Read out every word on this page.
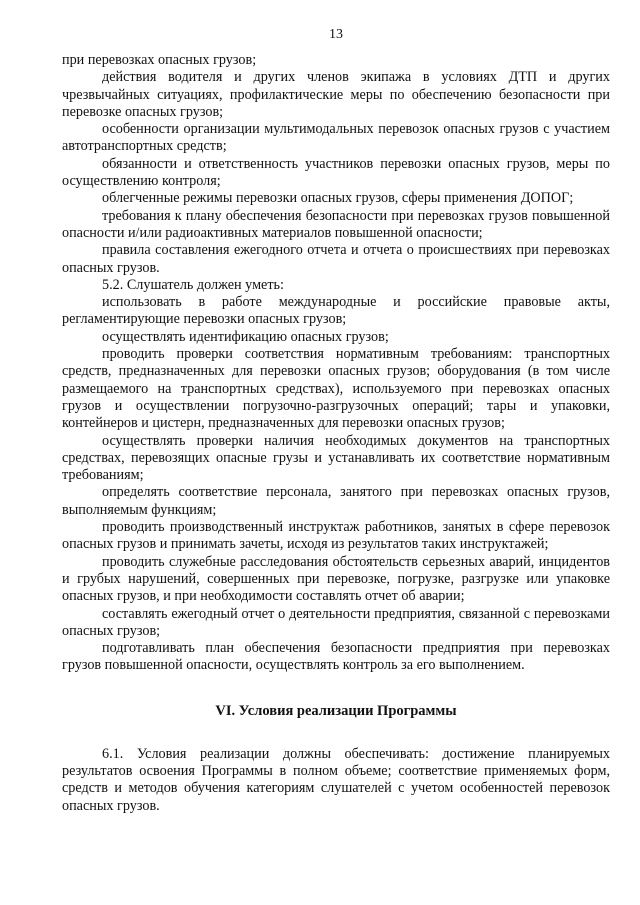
13

при перевозках опасных грузов;

действия водителя и других членов экипажа в условиях ДТП и других чрезвычайных ситуациях, профилактические меры по обеспечению безопасности при перевозке опасных грузов;

особенности организации мультимодальных перевозок опасных грузов с участием автотранспортных средств;

обязанности и ответственность участников перевозки опасных грузов, меры по осуществлению контроля;

облегченные режимы перевозки опасных грузов, сферы применения ДОПОГ;

требования к плану обеспечения безопасности при перевозках грузов повышенной опасности и/или радиоактивных материалов повышенной опасности;

правила составления ежегодного отчета и отчета о происшествиях при перевозках опасных грузов.

5.2. Слушатель должен уметь:

использовать в работе международные и российские правовые акты, регламентирующие перевозки опасных грузов;

осуществлять идентификацию опасных грузов;

проводить проверки соответствия нормативным требованиям: транспортных средств, предназначенных для перевозки опасных грузов; оборудования (в том числе размещаемого на транспортных средствах), используемого при перевозках опасных грузов и осуществлении погрузочно-разгрузочных операций; тары и упаковки, контейнеров и цистерн, предназначенных для перевозки опасных грузов;

осуществлять проверки наличия необходимых документов на транспортных средствах, перевозящих опасные грузы и устанавливать их соответствие нормативным требованиям;

определять соответствие персонала, занятого при перевозках опасных грузов, выполняемым функциям;

проводить производственный инструктаж работников, занятых в сфере перевозок опасных грузов и принимать зачеты, исходя из результатов таких инструктажей;

проводить служебные расследования обстоятельств серьезных аварий, инцидентов и грубых нарушений, совершенных при перевозке, погрузке, разгрузке или упаковке опасных грузов, и при необходимости составлять отчет об аварии;

составлять ежегодный отчет о деятельности предприятия, связанной с перевозками опасных грузов;

подготавливать план обеспечения безопасности предприятия при перевозках грузов повышенной опасности, осуществлять контроль за его выполнением.

VI. Условия реализации Программы

6.1. Условия реализации должны обеспечивать: достижение планируемых результатов освоения Программы в полном объеме; соответствие применяемых форм, средств и методов обучения категориям слушателей с учетом особенностей перевозок опасных грузов.
